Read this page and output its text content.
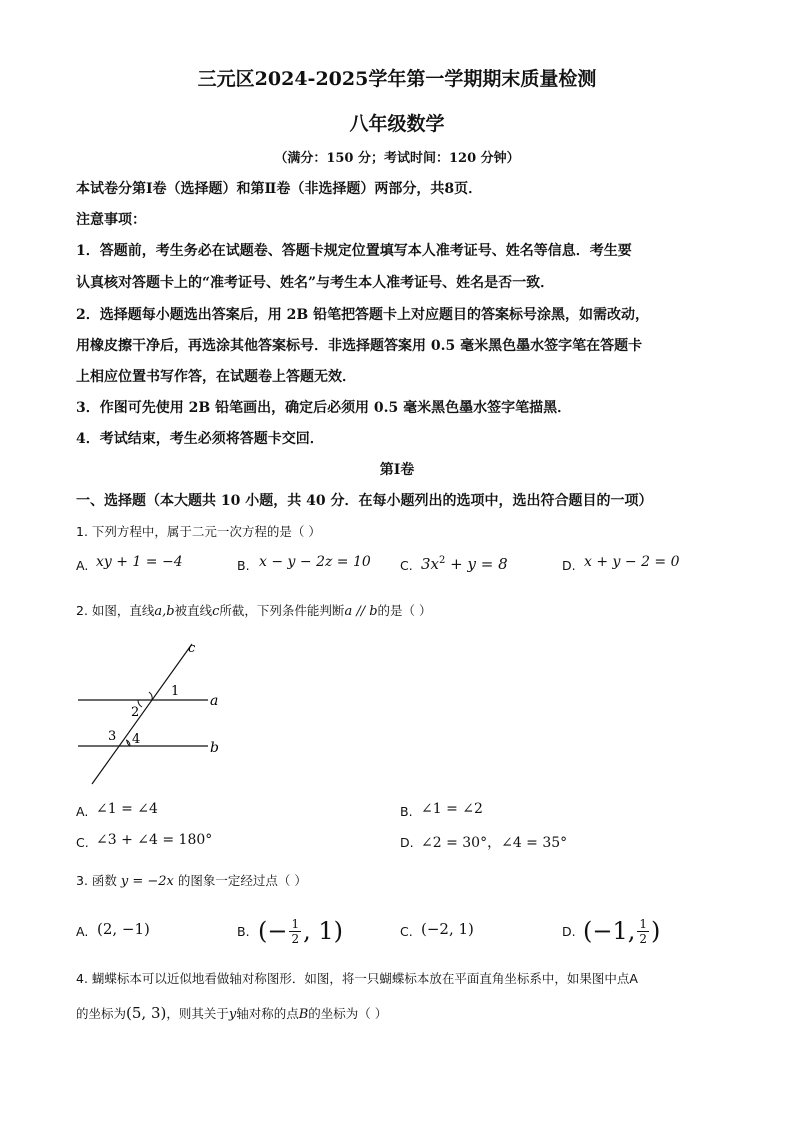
三元区2024-2025学年第一学期期末质量检测
八年级数学
（满分：150 分；考试时间：120 分钟）
本试卷分第Ⅰ卷（选择题）和第Ⅱ卷（非选择题）两部分，共8页．
注意事项：
1．答题前，考生务必在试题卷、答题卡规定位置填写本人准考证号、姓名等信息．考生要
认真核对答题卡上的“准考证号、姓名”与考生本人准考证号、姓名是否一致．
2．选择题每小题选出答案后，用 2B 铅笔把答题卡上对应题目的答案标号涂黑，如需改动，
用橡皮擦干净后，再选涂其他答案标号．非选择题答案用 0.5 毫米黑色墨水签字笔在答题卡
上相应位置书写作答，在试题卷上答题无效．
3．作图可先使用 2B 铅笔画出，确定后必须用 0.5 毫米黑色墨水签字笔描黑．
4．考试结束，考生必须将答题卡交回．
第Ⅰ卷
一、选择题（本大题共 10 小题，共 40 分．在每小题列出的选项中，选出符合题目的一项）
1. 下列方程中，属于二元一次方程的是（ ）
A. xy + 1 = −4	B. x − y − 2z = 10 C. $3x^2 + y = 8$	D. x + y − 2 = 0
2. 如图，直线a,b被直线c所截，下列条件能判断a // b的是（ ）
c
a
b
1
2
3 4
A. ∠1 = ∠4	B. ∠1 = ∠2
C. ∠3 + ∠4 = 180°	D. ∠2 = 30°，∠4 = 35°
3. 函数 y = −2x 的图象一定经过点（ ）
A. (2, −1)	B. (− $\frac{1}{2}$ , 1)	C. (−2, 1)	D. (−1, $\frac{1}{2}$ )
4. 蝴蝶标本可以近似地看做轴对称图形．如图，将一只蝴蝶标本放在平面直角坐标系中，如果图中点A
的坐标为(5, 3)，则其关于y轴对称的点B的坐标为（ ）
